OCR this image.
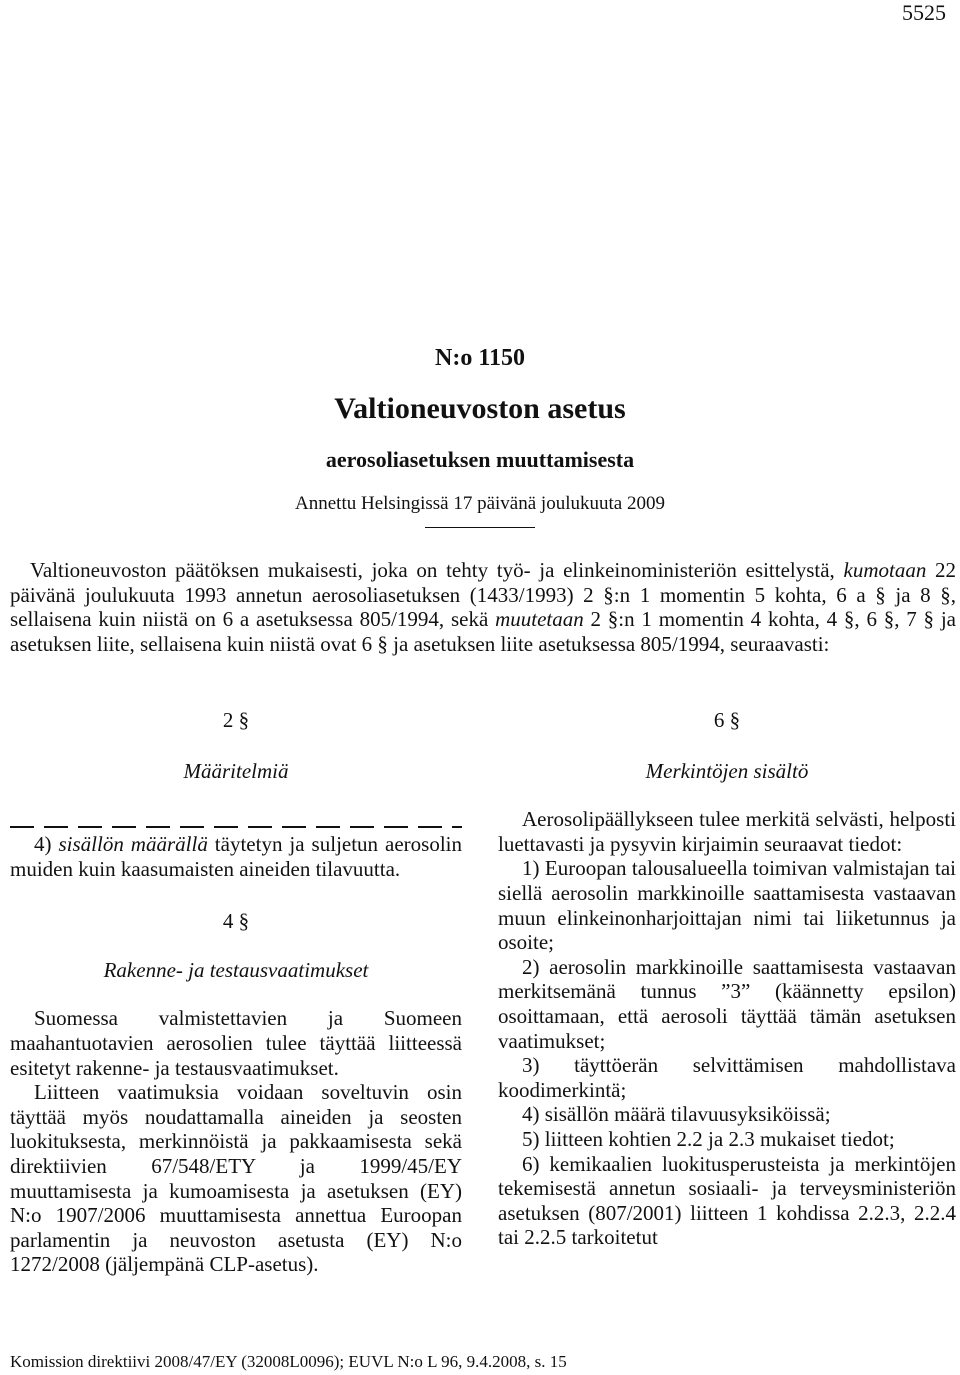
5525
N:o 1150
Valtioneuvoston asetus
aerosoliasetuksen muuttamisesta
Annettu Helsingissä 17 päivänä joulukuuta 2009

Valtioneuvoston päätöksen mukaisesti, joka on tehty työ- ja elinkeinoministeriön esittelystä, kumotaan 22 päivänä joulukuuta 1993 annetun aerosoliasetuksen (1433/1993) 2 §:n 1 momentin 5 kohta, 6 a § ja 8 §, sellaisena kuin niistä on 6 a asetuksessa 805/1994, sekä muutetaan 2 §:n 1 momentin 4 kohta, 4 §, 6 §, 7 § ja asetuksen liite, sellaisena kuin niistä ovat 6 § ja asetuksen liite asetuksessa 805/1994, seuraavasti:

2 §

Määritelmiä

4) sisällön määrällä täytetyn ja suljetun aerosolin muiden kuin kaasumaisten aineiden tilavuutta.

4 §

Rakenne- ja testausvaatimukset

Suomessa valmistettavien ja Suomeen maahantuotavien aerosolien tulee täyttää liitteessä esitetyt rakenne- ja testausvaatimukset.

Liitteen vaatimuksia voidaan soveltuvin osin täyttää myös noudattamalla aineiden ja seosten luokituksesta, merkinnöistä ja pakkaamisesta sekä direktiivien 67/548/ETY ja 1999/45/EY muuttamisesta ja kumoamisesta ja asetuksen (EY) N:o 1907/2006 muuttamisesta annettua Euroopan parlamentin ja neuvoston asetusta (EY) N:o 1272/2008 (jäljempänä CLP-asetus).

6 §

Merkintöjen sisältö

Aerosolipäällykseen tulee merkitä selvästi, helposti luettavasti ja pysyvin kirjaimin seuraavat tiedot:

1) Euroopan talousalueella toimivan valmistajan tai siellä aerosolin markkinoille saattamisesta vastaavan muun elinkeinonharjoittajan nimi tai liiketunnus ja osoite;

2) aerosolin markkinoille saattamisesta vastaavan merkitsemänä tunnus ”3” (käännetty epsilon) osoittamaan, että aerosoli täyttää tämän asetuksen vaatimukset;

3) täyttöerän selvittämisen mahdollistava koodimerkintä;

4) sisällön määrä tilavuusyksiköissä;

5) liitteen kohtien 2.2 ja 2.3 mukaiset tiedot;

6) kemikaalien luokitusperusteista ja merkintöjen tekemisestä annetun sosiaali- ja terveysministeriön asetuksen (807/2001) liitteen 1 kohdissa 2.2.3, 2.2.4 tai 2.2.5 tarkoitetut

Komission direktiivi 2008/47/EY (32008L0096); EUVL N:o L 96, 9.4.2008, s. 15
